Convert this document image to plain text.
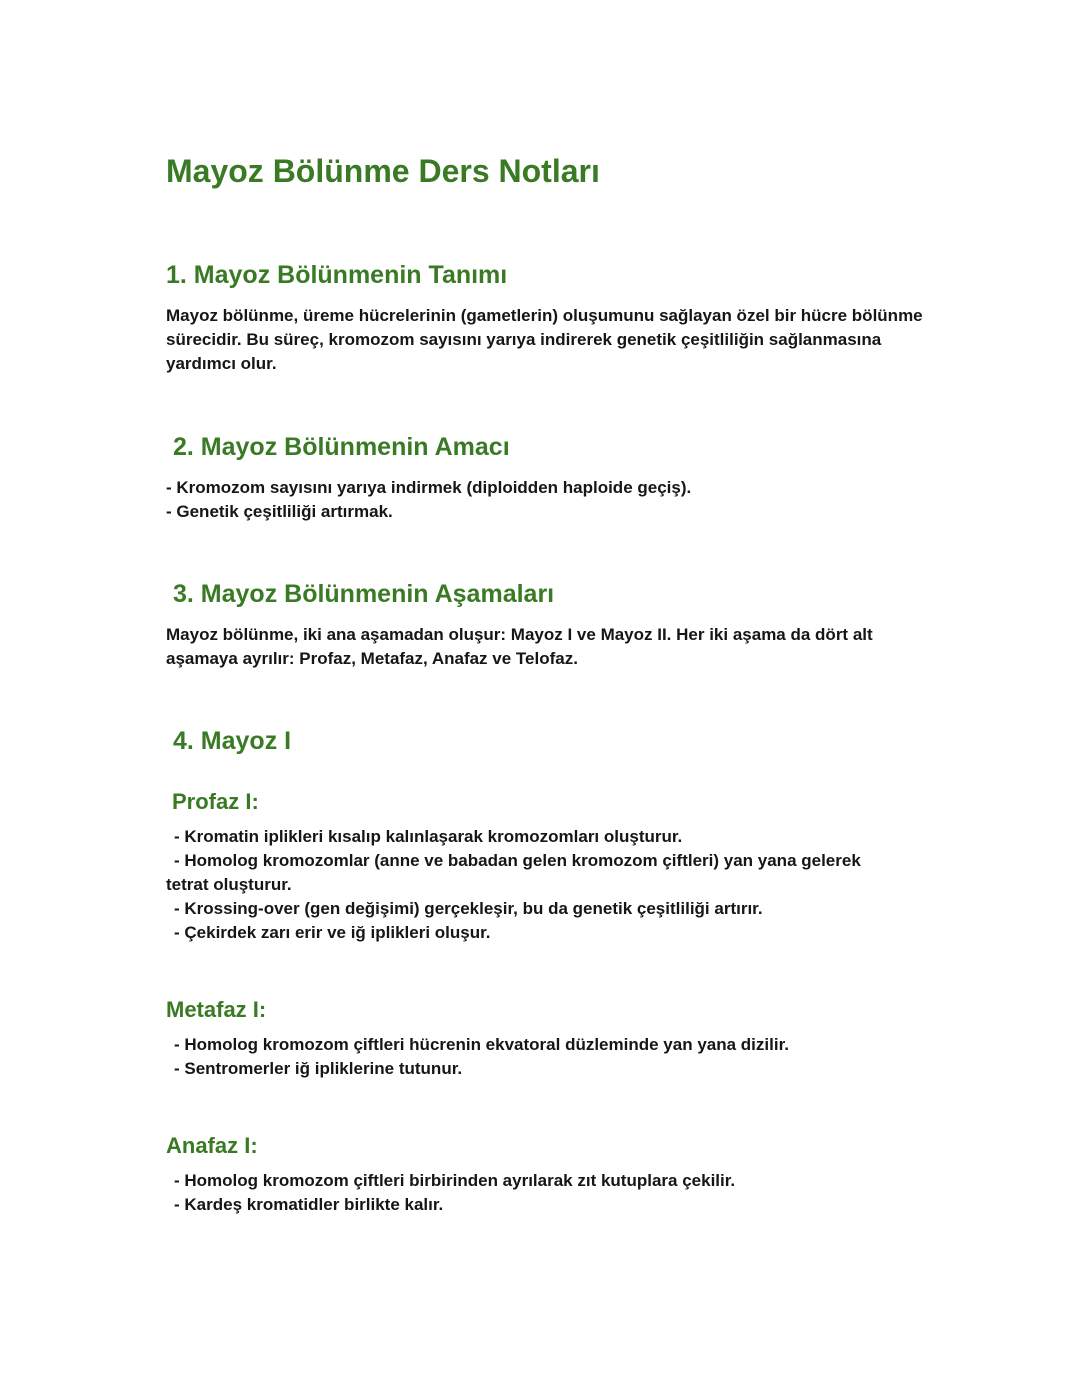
Mayoz Bölünme Ders Notları
1. Mayoz Bölünmenin Tanımı

Mayoz bölünme, üreme hücrelerinin (gametlerin) oluşumunu sağlayan özel bir hücre bölünme sürecidir. Bu süreç, kromozom sayısını yarıya indirerek genetik çeşitliliğin sağlanmasına yardımcı olur.

2. Mayoz Bölünmenin Amacı
- Kromozom sayısını yarıya indirmek (diploidden haploide geçiş).
- Genetik çeşitliliği artırmak.
3. Mayoz Bölünmenin Aşamaları

Mayoz bölünme, iki ana aşamadan oluşur: Mayoz I ve Mayoz II. Her iki aşama da dört alt aşamaya ayrılır: Profaz, Metafaz, Anafaz ve Telofaz.

4. Mayoz I
Profaz I:
- Kromatin iplikleri kısalıp kalınlaşarak kromozomları oluşturur.
- Homolog kromozomlar (anne ve babadan gelen kromozom çiftleri) yan yana gelerek
tetrat oluşturur.
- Krossing-over (gen değişimi) gerçekleşir, bu da genetik çeşitliliği artırır.
- Çekirdek zarı erir ve iğ iplikleri oluşur.
Metafaz I:
- Homolog kromozom çiftleri hücrenin ekvatoral düzleminde yan yana dizilir.
- Sentromerler iğ ipliklerine tutunur.
Anafaz I:
- Homolog kromozom çiftleri birbirinden ayrılarak zıt kutuplara çekilir.
- Kardeş kromatidler birlikte kalır.
